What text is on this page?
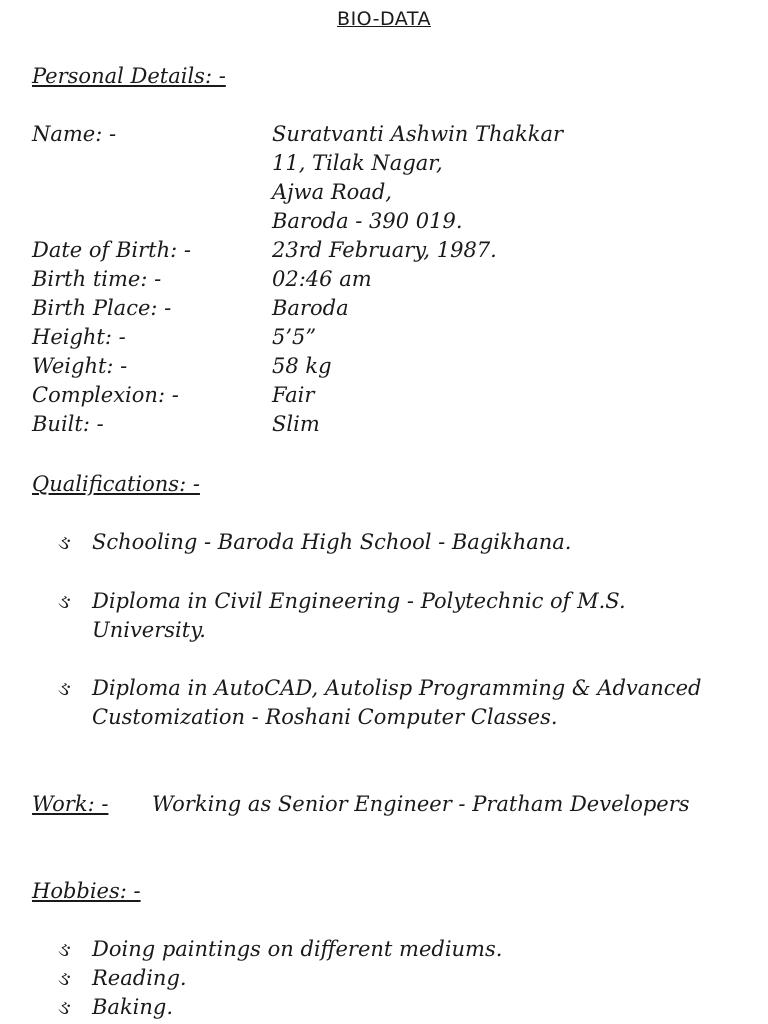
BIO-DATA
Personal Details: -
Name: -	Suratvanti Ashwin Thakkar
11, Tilak Nagar,
Ajwa Road,
Baroda - 390 019.
Date of Birth: -	23rd February, 1987.
Birth time: -	02:46 am
Birth Place: -	Baroda
Height: -	5’5”
Weight: -	58 kg
Complexion: -	Fair
Built: -	Slim
Qualifications: -
ઙ Schooling - Baroda High School - Bagikhana.
ઙ Diploma in Civil Engineering - Polytechnic of M.S. University.
ઙ Diploma in AutoCAD, Autolisp Programming & Advanced Customization - Roshani Computer Classes.
Work: - Working as Senior Engineer - Pratham Developers
Hobbies: -
ઙ Doing paintings on different mediums.
ઙ Reading.
ઙ Baking.
